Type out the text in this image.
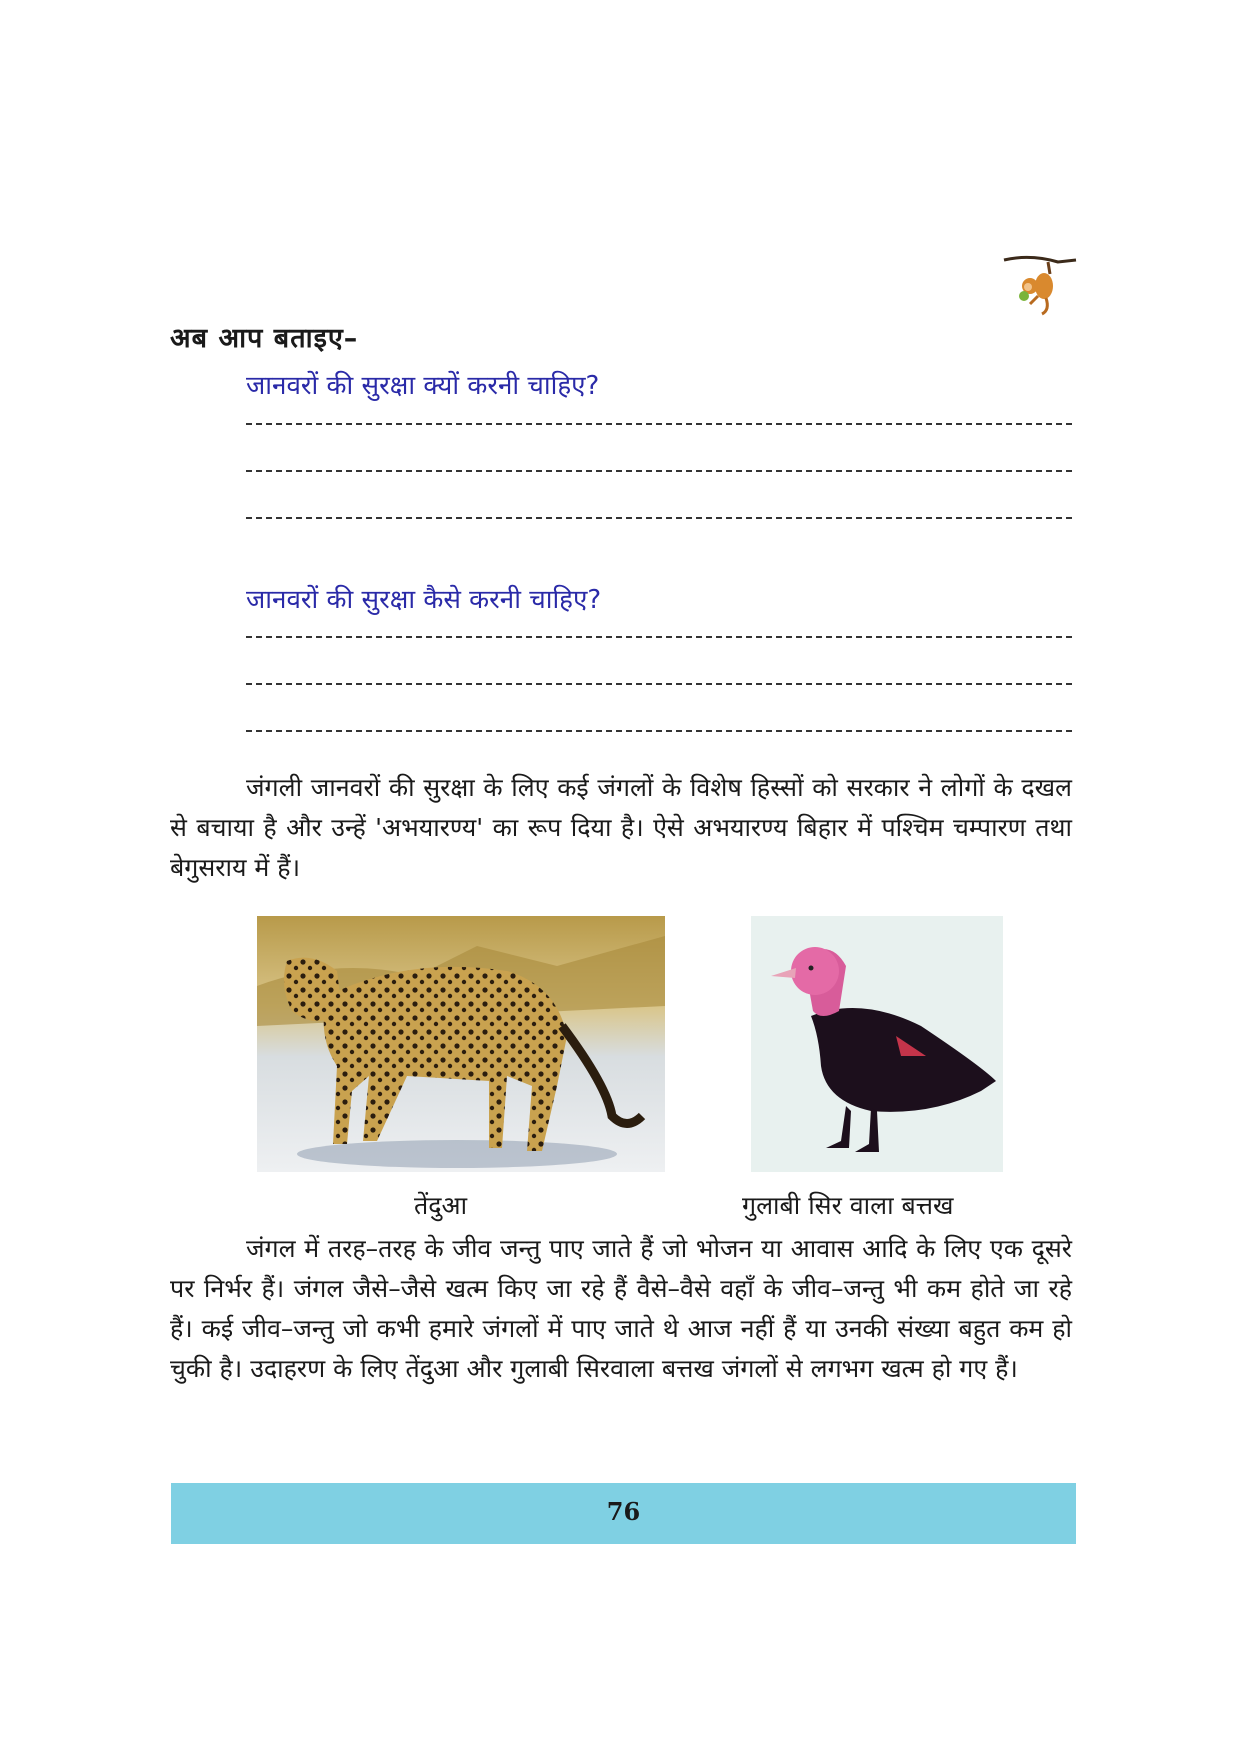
अब आप बताइए–
जानवरों की सुरक्षा क्यों करनी चाहिए?
जानवरों की सुरक्षा कैसे करनी चाहिए?

जंगली जानवरों की सुरक्षा के लिए कई जंगलों के विशेष हिस्सों को सरकार ने लोगों के दखल से बचाया है और उन्हें 'अभयारण्य' का रूप दिया है। ऐसे अभयारण्य बिहार में पश्चिम चम्पारण तथा बेगुसराय में हैं।

तेंदुआ	गुलाबी सिर वाला बत्तख

जंगल में तरह–तरह के जीव जन्तु पाए जाते हैं जो भोजन या आवास आदि के लिए एक दूसरे पर निर्भर हैं। जंगल जैसे–जैसे खत्म किए जा रहे हैं वैसे–वैसे वहाँ के जीव–जन्तु भी कम होते जा रहे हैं। कई जीव–जन्तु जो कभी हमारे जंगलों में पाए जाते थे आज नहीं हैं या उनकी संख्या बहुत कम हो चुकी है। उदाहरण के लिए तेंदुआ और गुलाबी सिरवाला बत्तख जंगलों से लगभग खत्म हो गए हैं।

76
